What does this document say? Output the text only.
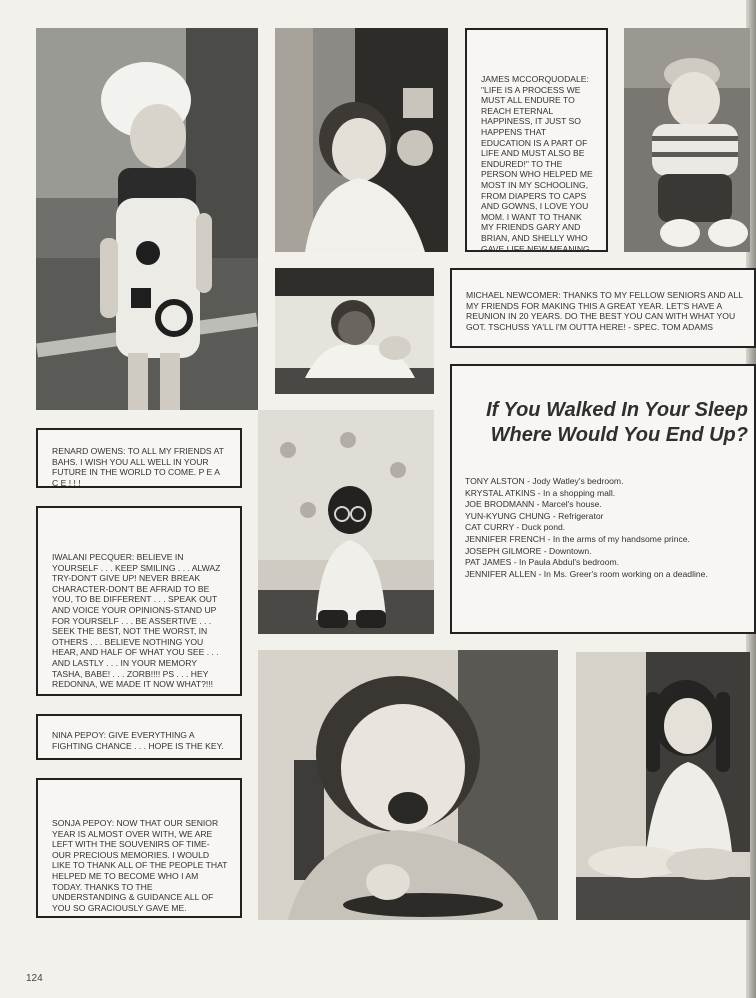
JAMES MCCORQUODALE: "LIFE IS A PROCESS WE MUST ALL ENDURE TO REACH ETERNAL HAPPINESS, IT JUST SO HAPPENS THAT EDUCATION IS A PART OF LIFE AND MUST ALSO BE ENDURED!" TO THE PERSON WHO HELPED ME MOST IN MY SCHOOLING, FROM DIAPERS TO CAPS AND GOWNS, I LOVE YOU MOM. I WANT TO THANK MY FRIENDS GARY AND BRIAN, AND SHELLY WHO GAVE LIFE NEW MEANING.

MICHAEL NEWCOMER: THANKS TO MY FELLOW SENIORS AND ALL MY FRIENDS FOR MAKING THIS A GREAT YEAR. LET'S HAVE A REUNION IN 20 YEARS. DO THE BEST YOU CAN WITH WHAT YOU GOT. TSCHUSS YA'LL I'M OUTTA HERE! - SPEC. TOM ADAMS

If You Walked In Your Sleep
Where Would You End Up?
TONY ALSTON - Jody Watley's bedroom.
KRYSTAL ATKINS - In a shopping mall.
JOE BRODMANN - Marcel's house.
YUN-KYUNG CHUNG - Refrigerator
CAT CURRY - Duck pond.
JENNIFER FRENCH - In the arms of my handsome prince.
JOSEPH GILMORE - Downtown.
PAT JAMES - In Paula Abdul's bedroom.
JENNIFER ALLEN - In Ms. Greer's room working on a deadline.

RENARD OWENS: TO ALL MY FRIENDS AT BAHS. I WISH YOU ALL WELL IN YOUR FUTURE IN THE WORLD TO COME. P E A C E ! ! !

IWALANI PECQUER: BELIEVE IN YOURSELF . . . KEEP SMILING . . . ALWAZ TRY-DON'T GIVE UP! NEVER BREAK CHARACTER-DON'T BE AFRAID TO BE YOU, TO BE DIFFERENT . . . SPEAK OUT AND VOICE YOUR OPINIONS-STAND UP FOR YOURSELF . . . BE ASSERTIVE . . . SEEK THE BEST, NOT THE WORST, IN OTHERS . . . BELIEVE NOTHING YOU HEAR, AND HALF OF WHAT YOU SEE . . . AND LASTLY . . . IN YOUR MEMORY TASHA, BABE! . . . ZORB!!!! PS . . . HEY REDONNA, WE MADE IT NOW WHAT?!!!

NINA PEPOY: GIVE EVERYTHING A FIGHTING CHANCE . . . HOPE IS THE KEY.

SONJA PEPOY: NOW THAT OUR SENIOR YEAR IS ALMOST OVER WITH, WE ARE LEFT WITH THE SOUVENIRS OF TIME- OUR PRECIOUS MEMORIES. I WOULD LIKE TO THANK ALL OF THE PEOPLE THAT HELPED ME TO BECOME WHO I AM TODAY. THANKS TO THE UNDERSTANDING & GUIDANCE ALL OF YOU SO GRACIOUSLY GAVE ME.

124
